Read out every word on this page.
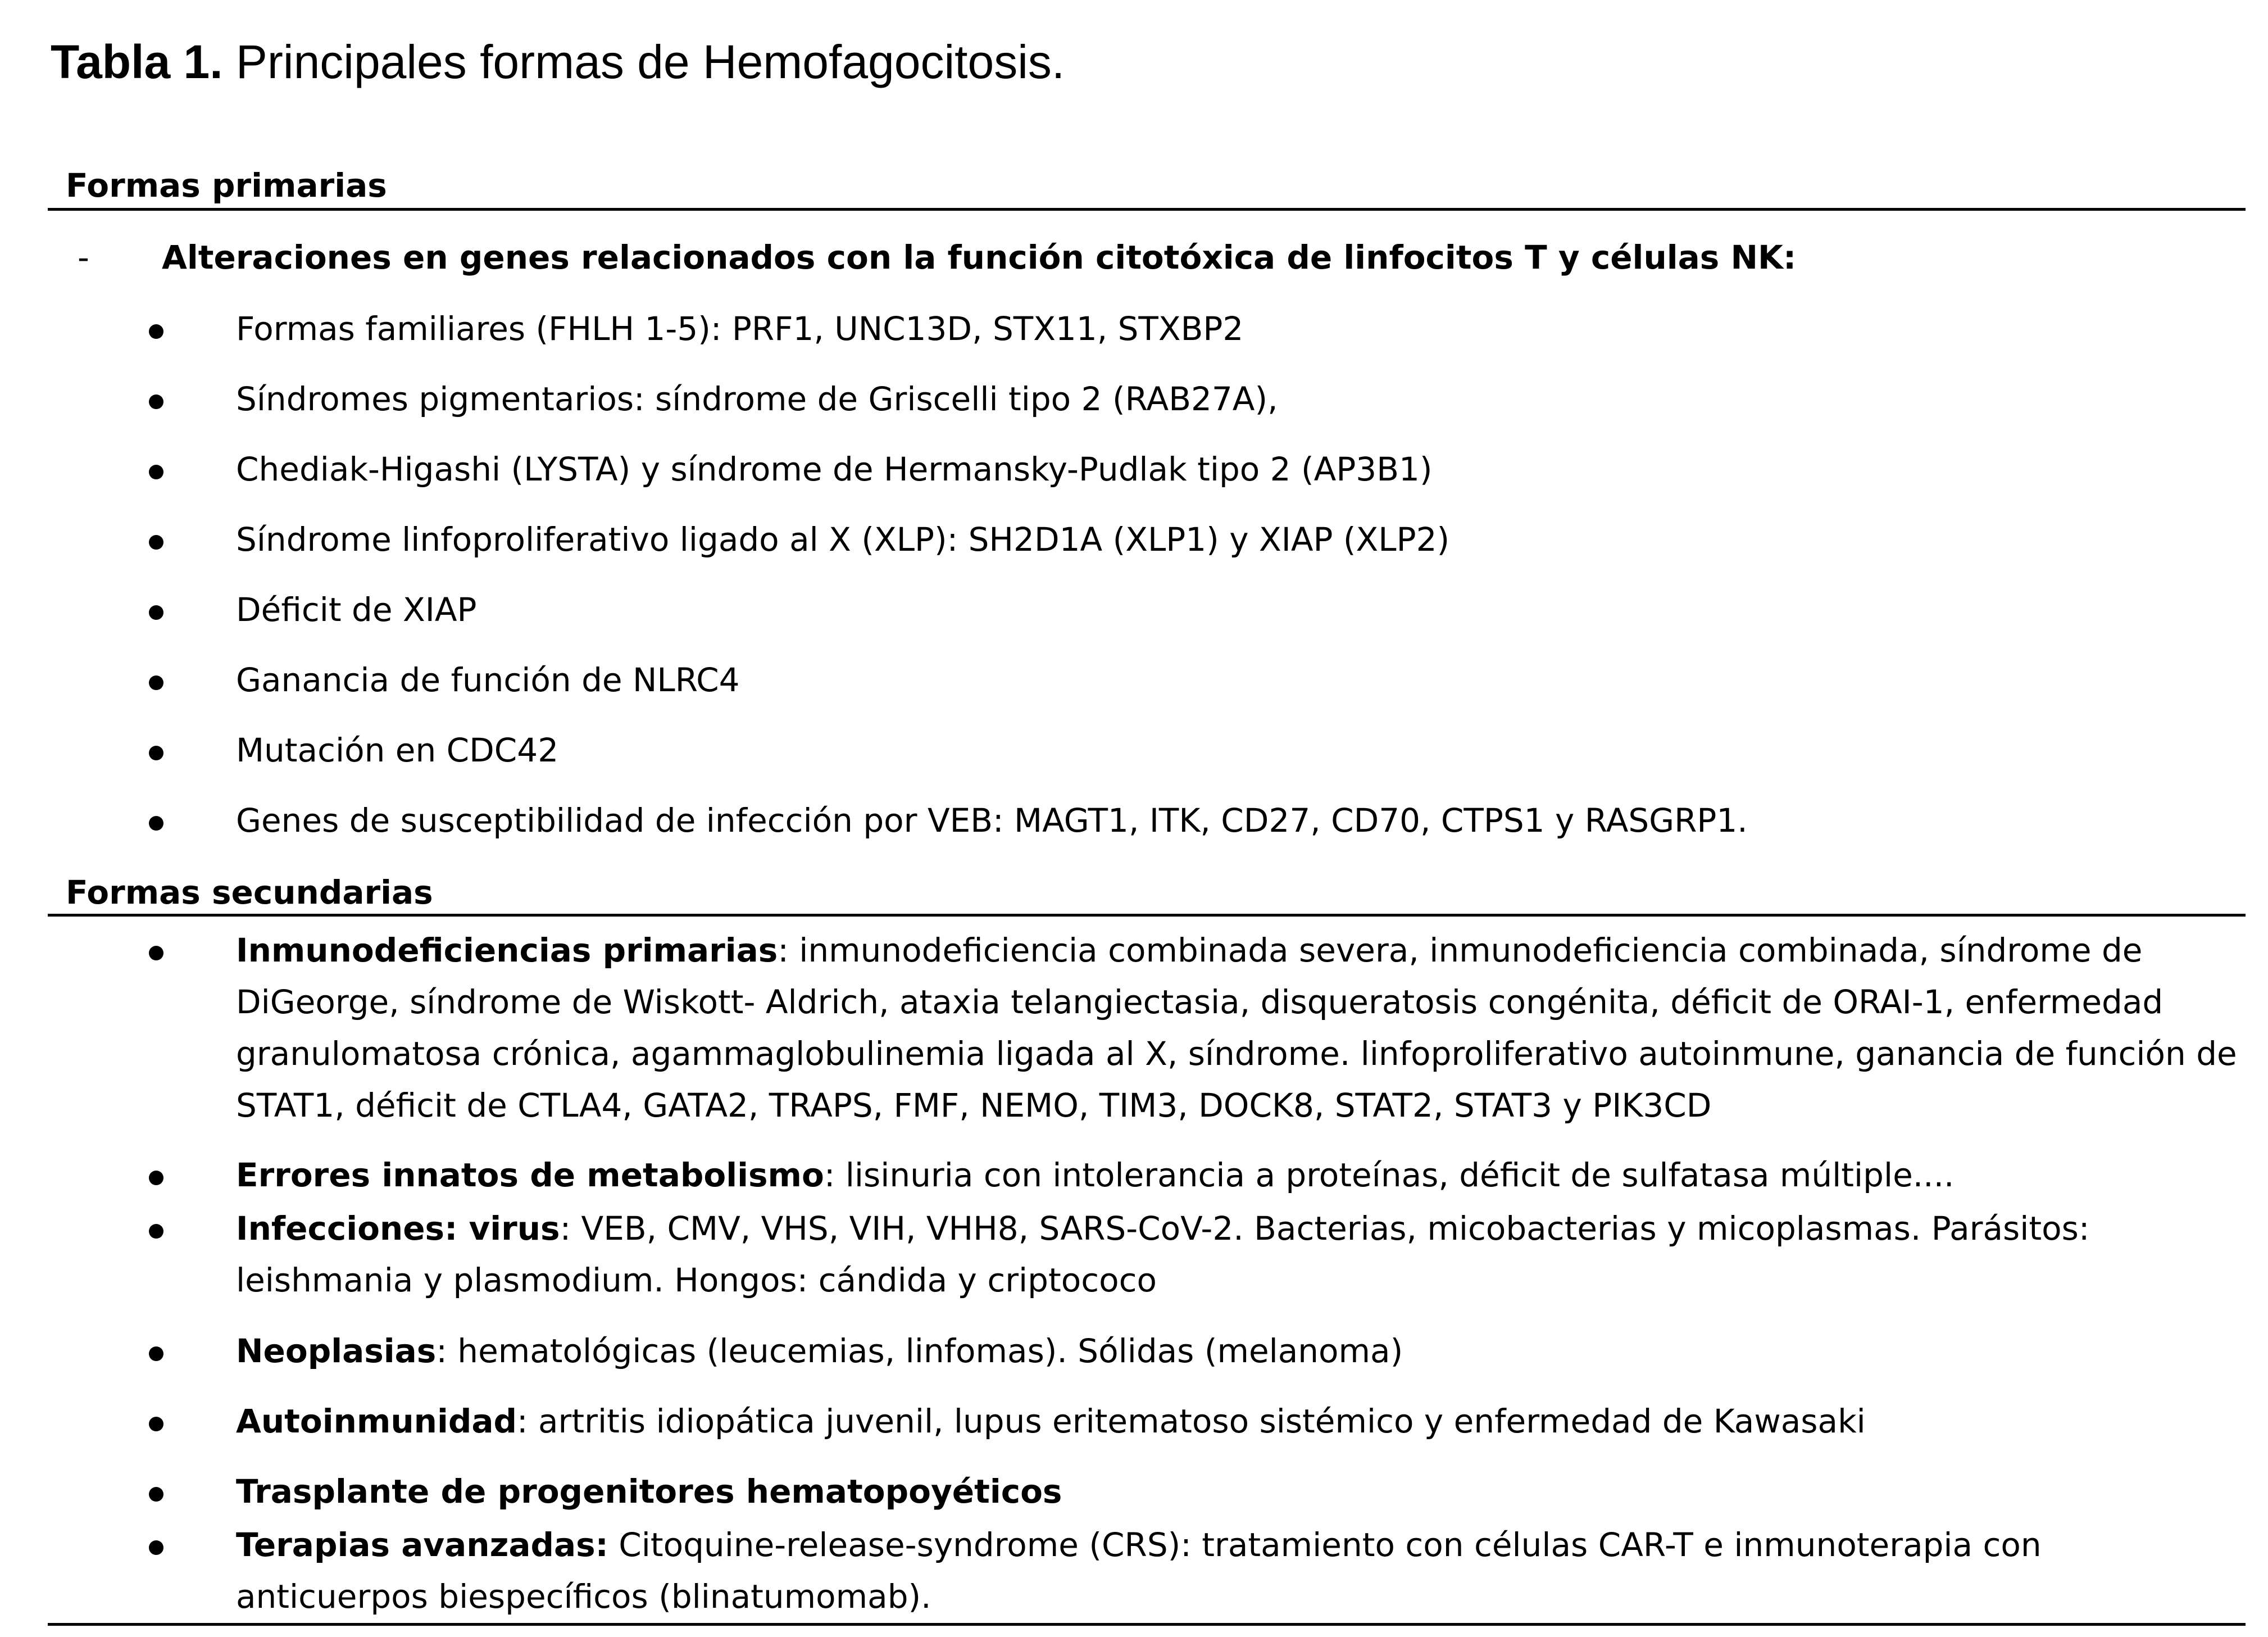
Tabla 1. Principales formas de Hemofagocitosis.
Formas primarias
- Alteraciones en genes relacionados con la función citotóxica de linfocitos T y células NK:
Formas familiares (FHLH 1-5): PRF1, UNC13D, STX11, STXBP2
Síndromes pigmentarios: síndrome de Griscelli tipo 2 (RAB27A),
Chediak-Higashi (LYSTA) y síndrome de Hermansky-Pudlak tipo 2 (AP3B1)
Síndrome linfoproliferativo ligado al X (XLP): SH2D1A (XLP1) y XIAP (XLP2)
Déficit de XIAP
Ganancia de función de NLRC4
Mutación en CDC42
Genes de susceptibilidad de infección por VEB: MAGT1, ITK, CD27, CD70, CTPS1 y RASGRP1.
Formas secundarias
Inmunodeficiencias primarias: inmunodeficiencia combinada severa, inmunodeficiencia combinada, síndrome de DiGeorge, síndrome de Wiskott- Aldrich, ataxia telangiectasia, disqueratosis congénita, déficit de ORAI-1, enfermedad granulomatosa crónica, agammaglobulinemia ligada al X, síndrome. linfoproliferativo autoinmune, ganancia de función de STAT1, déficit de CTLA4, GATA2, TRAPS, FMF, NEMO, TIM3, DOCK8, STAT2, STAT3 y PIK3CD
Errores innatos de metabolismo: lisinuria con intolerancia a proteínas, déficit de sulfatasa múltiple....
Infecciones: virus: VEB, CMV, VHS, VIH, VHH8, SARS-CoV-2. Bacterias, micobacterias y micoplasmas. Parásitos: leishmania y plasmodium. Hongos: cándida y criptococo
Neoplasias: hematológicas (leucemias, linfomas). Sólidas (melanoma)
Autoinmunidad: artritis idiopática juvenil, lupus eritematoso sistémico y enfermedad de Kawasaki
Trasplante de progenitores hematopoyéticos
Terapias avanzadas: Citoquine-release-syndrome (CRS): tratamiento con células CAR-T e inmunoterapia con anticuerpos biespecíficos (blinatumomab).
